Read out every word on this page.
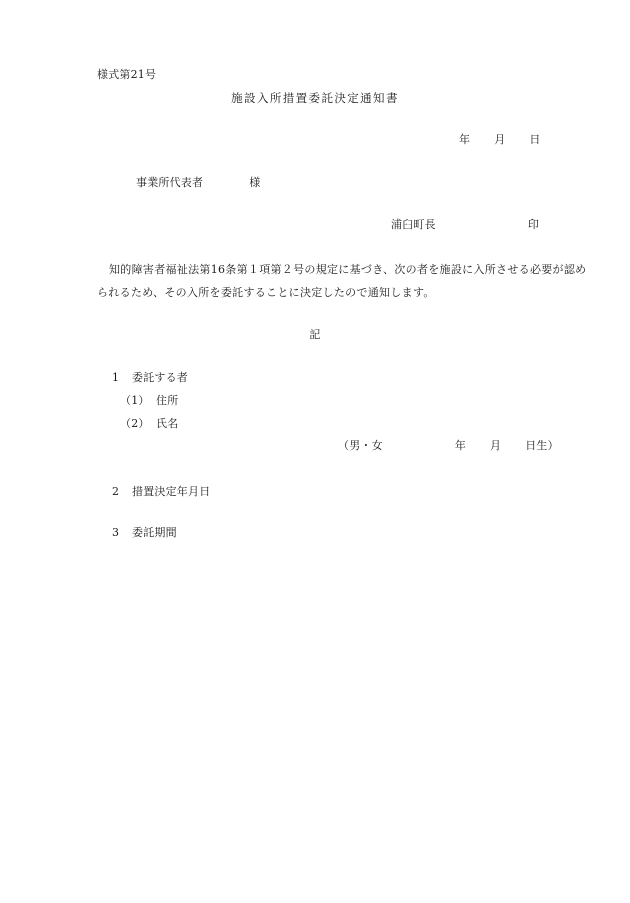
様式第21号
施設入所措置委託決定通知書
年 月 日
事業所代表者	様
浦臼町長	印
知的障害者福祉法第16条第１項第２号の規定に基づき、次の者を施設に入所させる必要が認められるため、その入所を委託することに決定したので通知します。
記
1 委託する者
（1） 住所
（2） 氏名
（男・女	年 月 日生）
2 措置決定年月日
3 委託期間
